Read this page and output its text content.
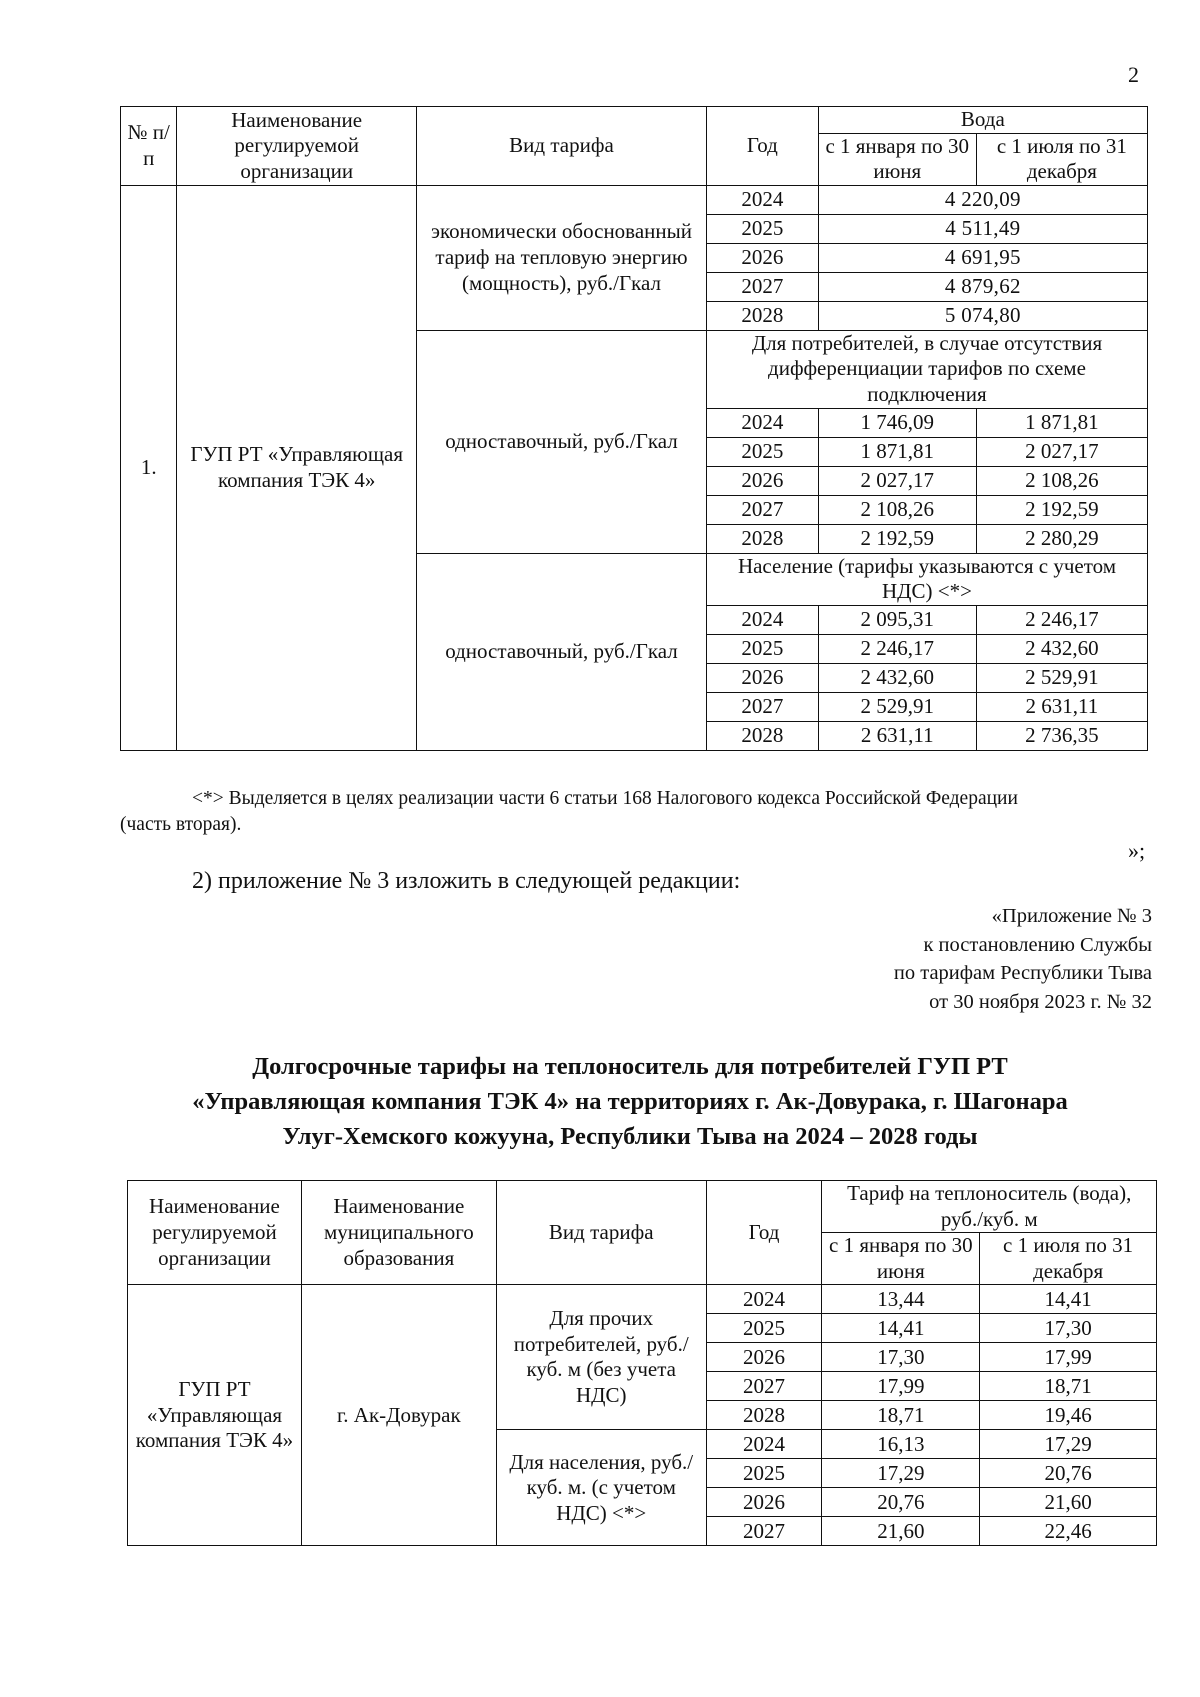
2
№ п/п	Наименование регулируемой организации	Вид тарифа	Год	Вода	
				с 1 января по 30 июня	с 1 июля по 31 декабря
1.	ГУП РТ «Управляющая компания ТЭК 4»	экономически обоснованный тариф на тепловую энергию (мощность), руб./Гкал	2024	4 220,09	
			2025	4 511,49	
			2026	4 691,95	
			2027	4 879,62	
			2028	5 074,80	
		одноставочный, руб./Гкал	Для потребителей, в случае отсутствия дифференциации тарифов по схеме подключения		
			2024	1 746,09	1 871,81
			2025	1 871,81	2 027,17
			2026	2 027,17	2 108,26
			2027	2 108,26	2 192,59
			2028	2 192,59	2 280,29
		одноставочный, руб./Гкал	Население (тарифы указываются с учетом НДС) <*>		
			2024	2 095,31	2 246,17
			2025	2 246,17	2 432,60
			2026	2 432,60	2 529,91
			2027	2 529,91	2 631,11
			2028	2 631,11	2 736,35
<*> Выделяется в целях реализации части 6 статьи 168 Налогового кодекса Российской Федерации
(часть вторая).
»;
2) приложение № 3 изложить в следующей редакции:
«Приложение № 3
к постановлению Службы
по тарифам Республики Тыва
от 30 ноября 2023 г. № 32
Долгосрочные тарифы на теплоноситель для потребителей ГУП РТ
«Управляющая компания ТЭК 4» на территориях г. Ак-Довурака, г. Шагонара
Улуг-Хемского кожууна, Республики Тыва на 2024 – 2028 годы
Наименование регулируемой организации	Наименование муниципального образования	Вид тарифа	Год	Тариф на теплоноситель (вода), руб./куб. м	
				с 1 января по 30 июня	с 1 июля по 31 декабря
ГУП РТ «Управляющая компания ТЭК 4»	г. Ак-Довурак	Для прочих потребителей, руб./куб. м (без учета НДС)	2024	13,44	14,41
			2025	14,41	17,30
			2026	17,30	17,99
			2027	17,99	18,71
			2028	18,71	19,46
		Для населения, руб./куб. м. (с учетом НДС) <*>	2024	16,13	17,29
			2025	17,29	20,76
			2026	20,76	21,60
			2027	21,60	22,46
